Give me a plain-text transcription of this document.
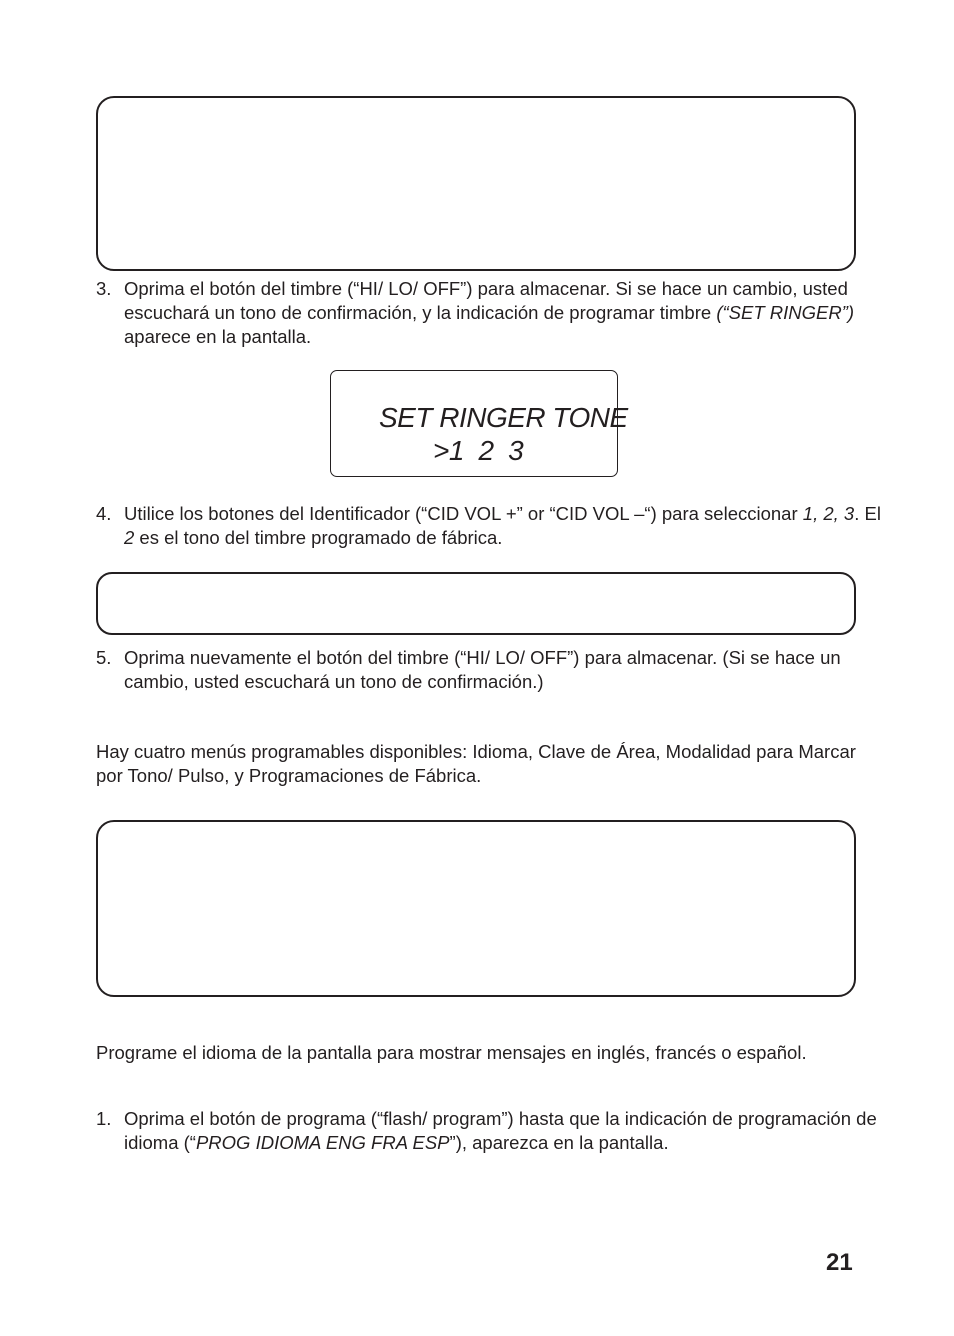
3. Oprima el botón del timbre (“HI/ LO/ OFF”) para almacenar. Si se hace un cambio, usted escuchará un tono de confirmación, y la indicación de programar timbre (“SET RINGER”) aparece en la pantalla.

SET RINGER TONE
>1  2  3

4. Utilice los botones del Identificador (“CID VOL +” or “CID VOL –“) para seleccionar 1, 2, 3. El 2 es el tono del timbre programado de fábrica.

5. Oprima nuevamente el botón del timbre (“HI/ LO/ OFF”) para almacenar. (Si se hace un cambio, usted escuchará un tono de confirmación.)

Hay cuatro menús programables disponibles: Idioma, Clave de Área, Modalidad para Marcar por Tono/ Pulso, y Programaciones de Fábrica.

Programe el idioma de la pantalla para mostrar mensajes en inglés, francés o español.

1. Oprima el botón de programa (“flash/ program”) hasta que la indicación de programación de idioma (“PROG IDIOMA ENG FRA ESP”), aparezca en la pantalla.

21
